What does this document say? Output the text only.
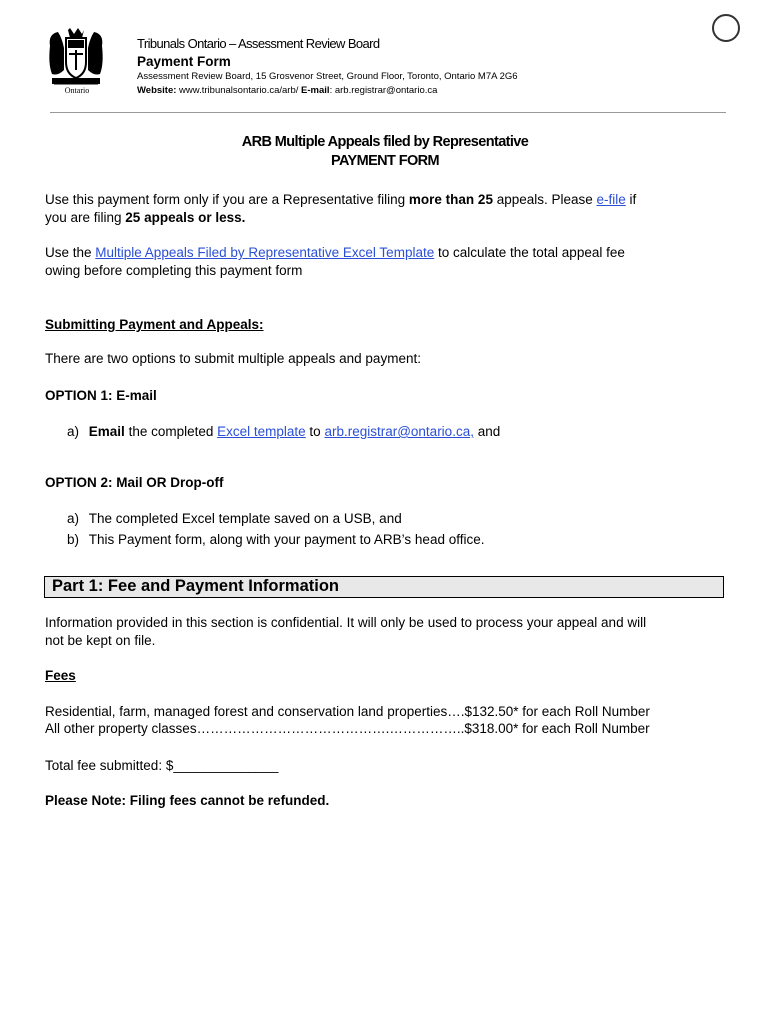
Ontario
Tribunals Ontario – Assessment Review Board
Payment Form
Assessment Review Board, 15 Grosvenor Street, Ground Floor, Toronto, Ontario M7A 2G6
Website: www.tribunalsontario.ca/arb/ E-mail: arb.registrar@ontario.ca
ARB Multiple Appeals filed by Representative
PAYMENT FORM
Use this payment form only if you are a Representative filing more than 25 appeals. Please e-file if
you are filing 25 appeals or less.
Use the Multiple Appeals Filed by Representative Excel Template to calculate the total appeal fee
owing before completing this payment form
Submitting Payment and Appeals:
There are two options to submit multiple appeals and payment:
OPTION 1: E-mail
a) Email the completed Excel template to arb.registrar@ontario.ca, and
OPTION 2: Mail OR Drop-off
a) The completed Excel template saved on a USB, and
b) This Payment form, along with your payment to ARB’s head office.
Part 1: Fee and Payment Information
Information provided in this section is confidential. It will only be used to process your appeal and will
not be kept on file.
Fees
Residential, farm, managed forest and conservation land properties….$132.50* for each Roll Number
All other property classes…………………………………….……………..$318.00* for each Roll Number
Total fee submitted: $______________
Please Note: Filing fees cannot be refunded.
